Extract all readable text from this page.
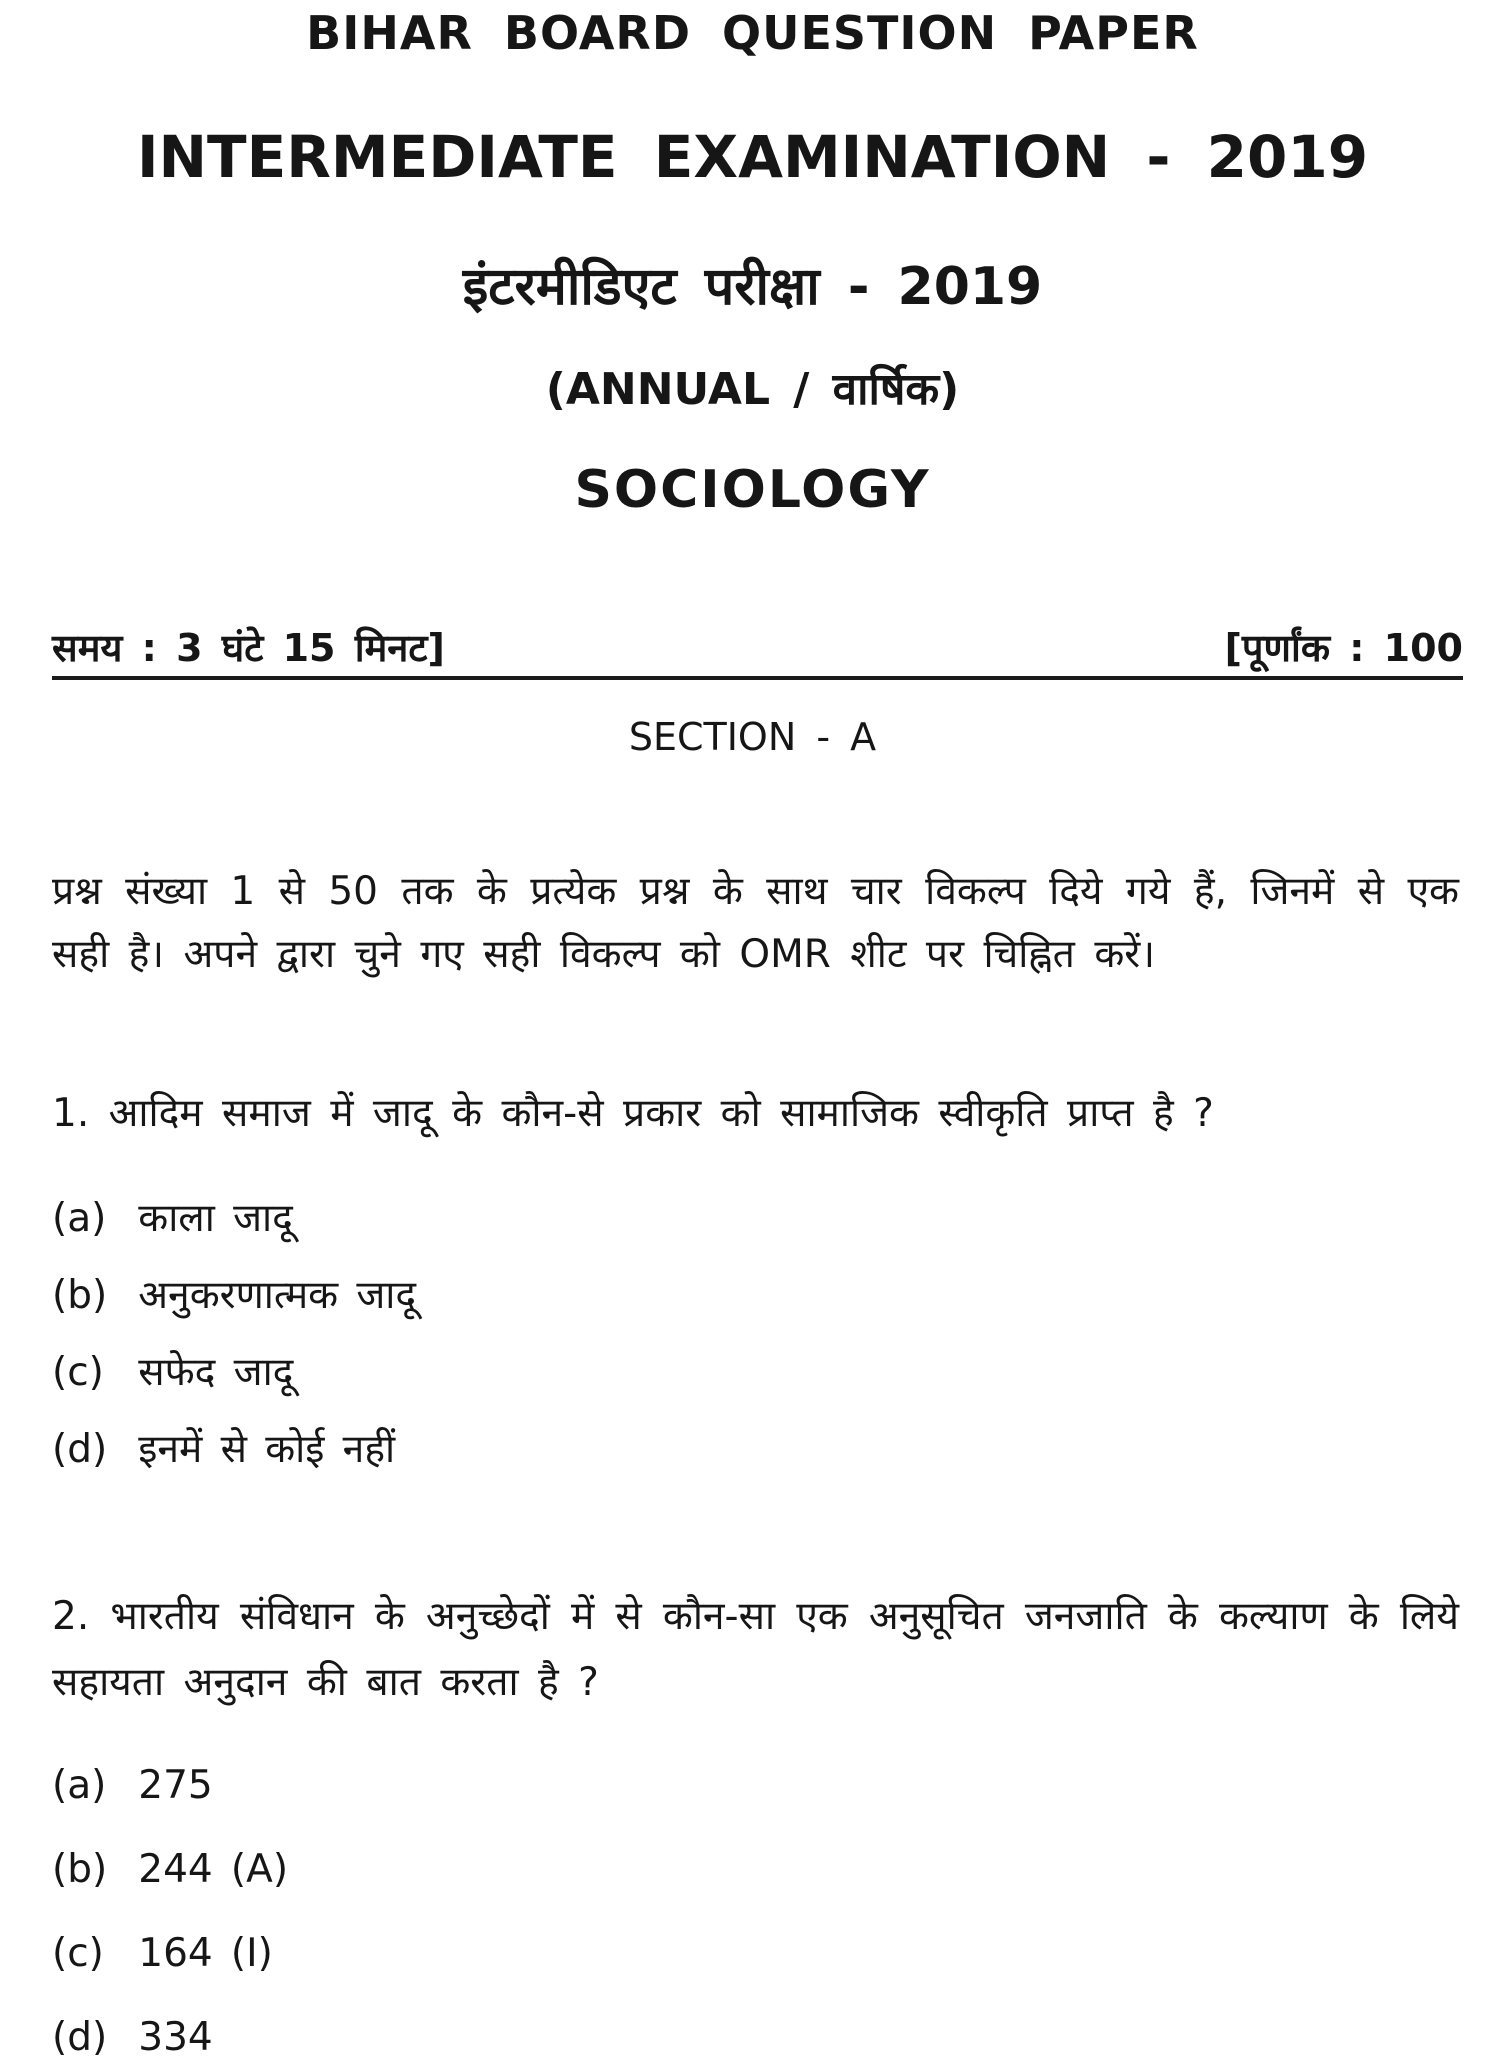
BIHAR BOARD QUESTION PAPER
INTERMEDIATE EXAMINATION - 2019
इंटरमीडिएट परीक्षा - 2019
(ANNUAL / वार्षिक)
SOCIOLOGY
समय : 3 घंटे 15 मिनट]	[पूर्णांक : 100
SECTION - A

प्रश्न संख्या 1 से 50 तक के प्रत्येक प्रश्न के साथ चार विकल्प दिये गये हैं, जिनमें से एक सही है। अपने द्वारा चुने गए सही विकल्प को OMR शीट पर चिह्नित करें।

1. आदिम समाज में जादू के कौन-से प्रकार को सामाजिक स्वीकृति प्राप्त है ?
(a) काला जादू
(b) अनुकरणात्मक जादू
(c) सफेद जादू
(d) इनमें से कोई नहीं
2. भारतीय संविधान के अनुच्छेदों में से कौन-सा एक अनुसूचित जनजाति के कल्याण के लिये सहायता अनुदान की बात करता है ?
(a) 275
(b) 244 (A)
(c) 164 (I)
(d) 334
